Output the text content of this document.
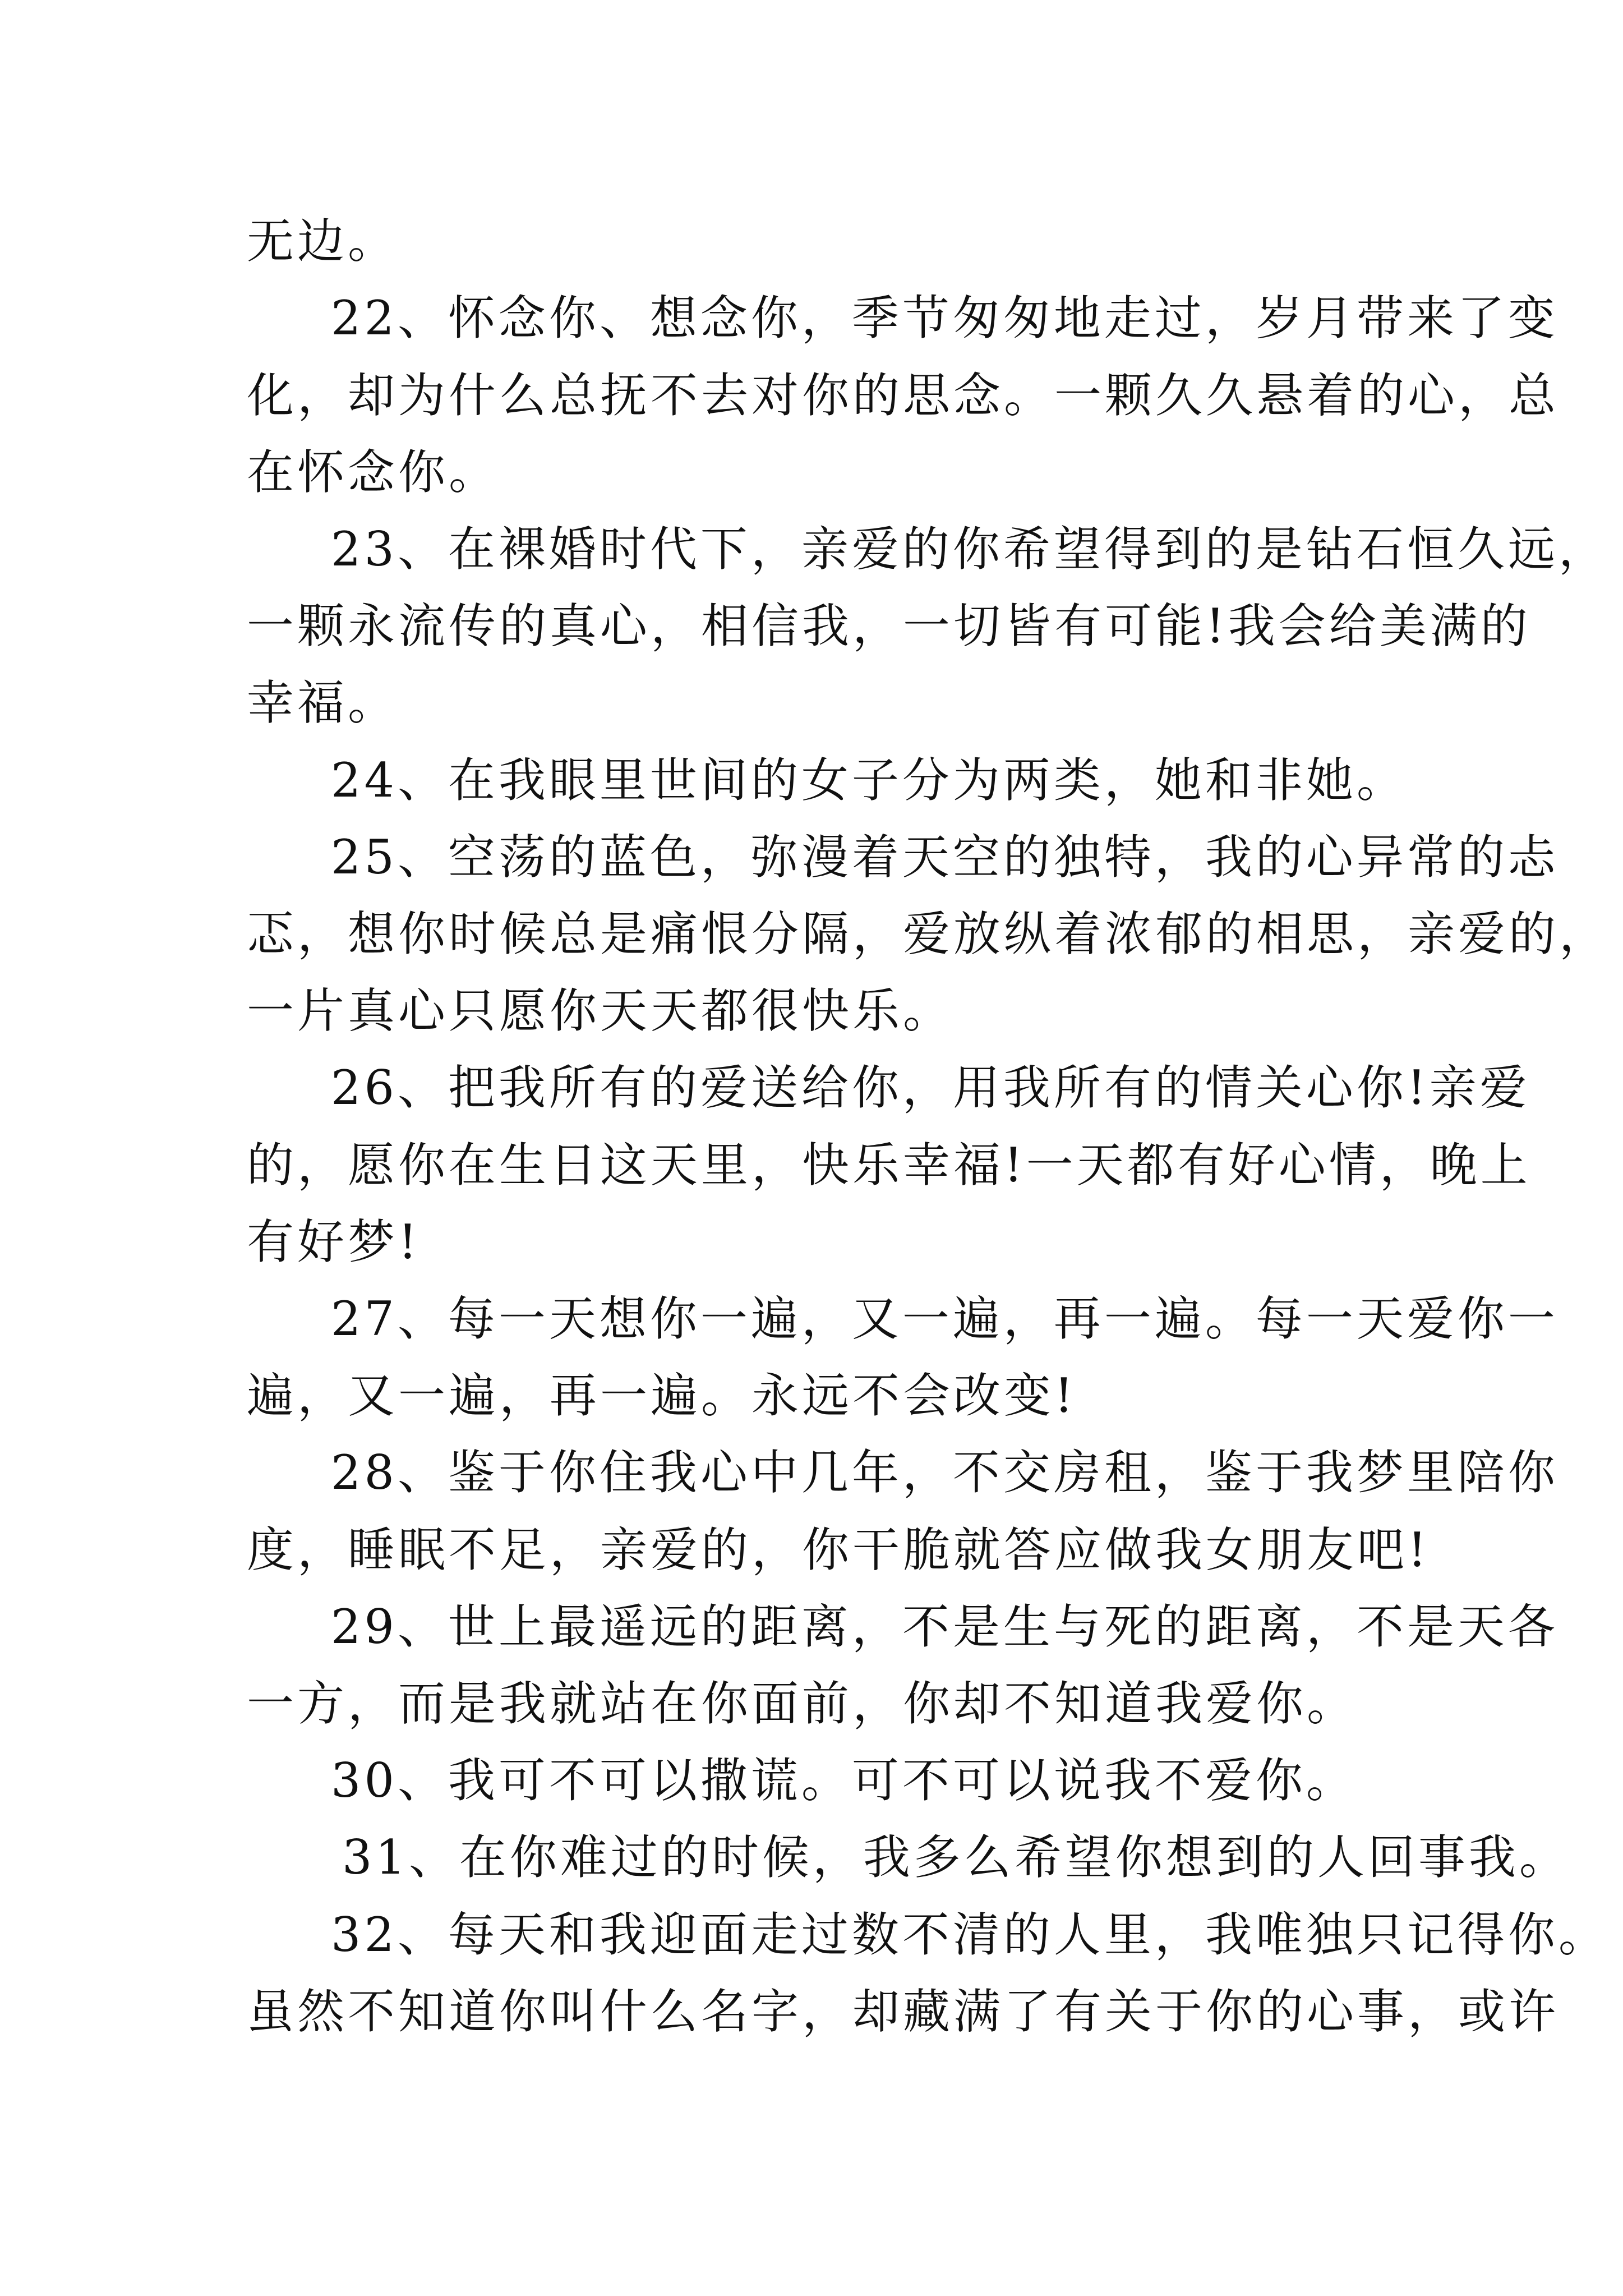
无边。
22、怀念你、想念你，季节匆匆地走过，岁月带来了变
化，却为什么总抚不去对你的思念。一颗久久悬着的心，总
在怀念你。
23、在裸婚时代下，亲爱的你希望得到的是钻石恒久远，
一颗永流传的真心，相信我，一切皆有可能!我会给美满的
幸福。
24、在我眼里世间的女子分为两类，她和非她。
25、空荡的蓝色，弥漫着天空的独特，我的心异常的忐
忑，想你时候总是痛恨分隔，爱放纵着浓郁的相思，亲爱的，
一片真心只愿你天天都很快乐。
26、把我所有的爱送给你，用我所有的情关心你!亲爱
的，愿你在生日这天里，快乐幸福!一天都有好心情，晚上
有好梦!
27、每一天想你一遍，又一遍，再一遍。每一天爱你一
遍，又一遍，再一遍。永远不会改变!
28、鉴于你住我心中几年，不交房租，鉴于我梦里陪你
度，睡眠不足，亲爱的，你干脆就答应做我女朋友吧!
29、世上最遥远的距离，不是生与死的距离，不是天各
一方，而是我就站在你面前，你却不知道我爱你。
30、我可不可以撒谎。可不可以说我不爱你。
31、在你难过的时候，我多么希望你想到的人回事我。
32、每天和我迎面走过数不清的人里，我唯独只记得你。
虽然不知道你叫什么名字，却藏满了有关于你的心事，或许
